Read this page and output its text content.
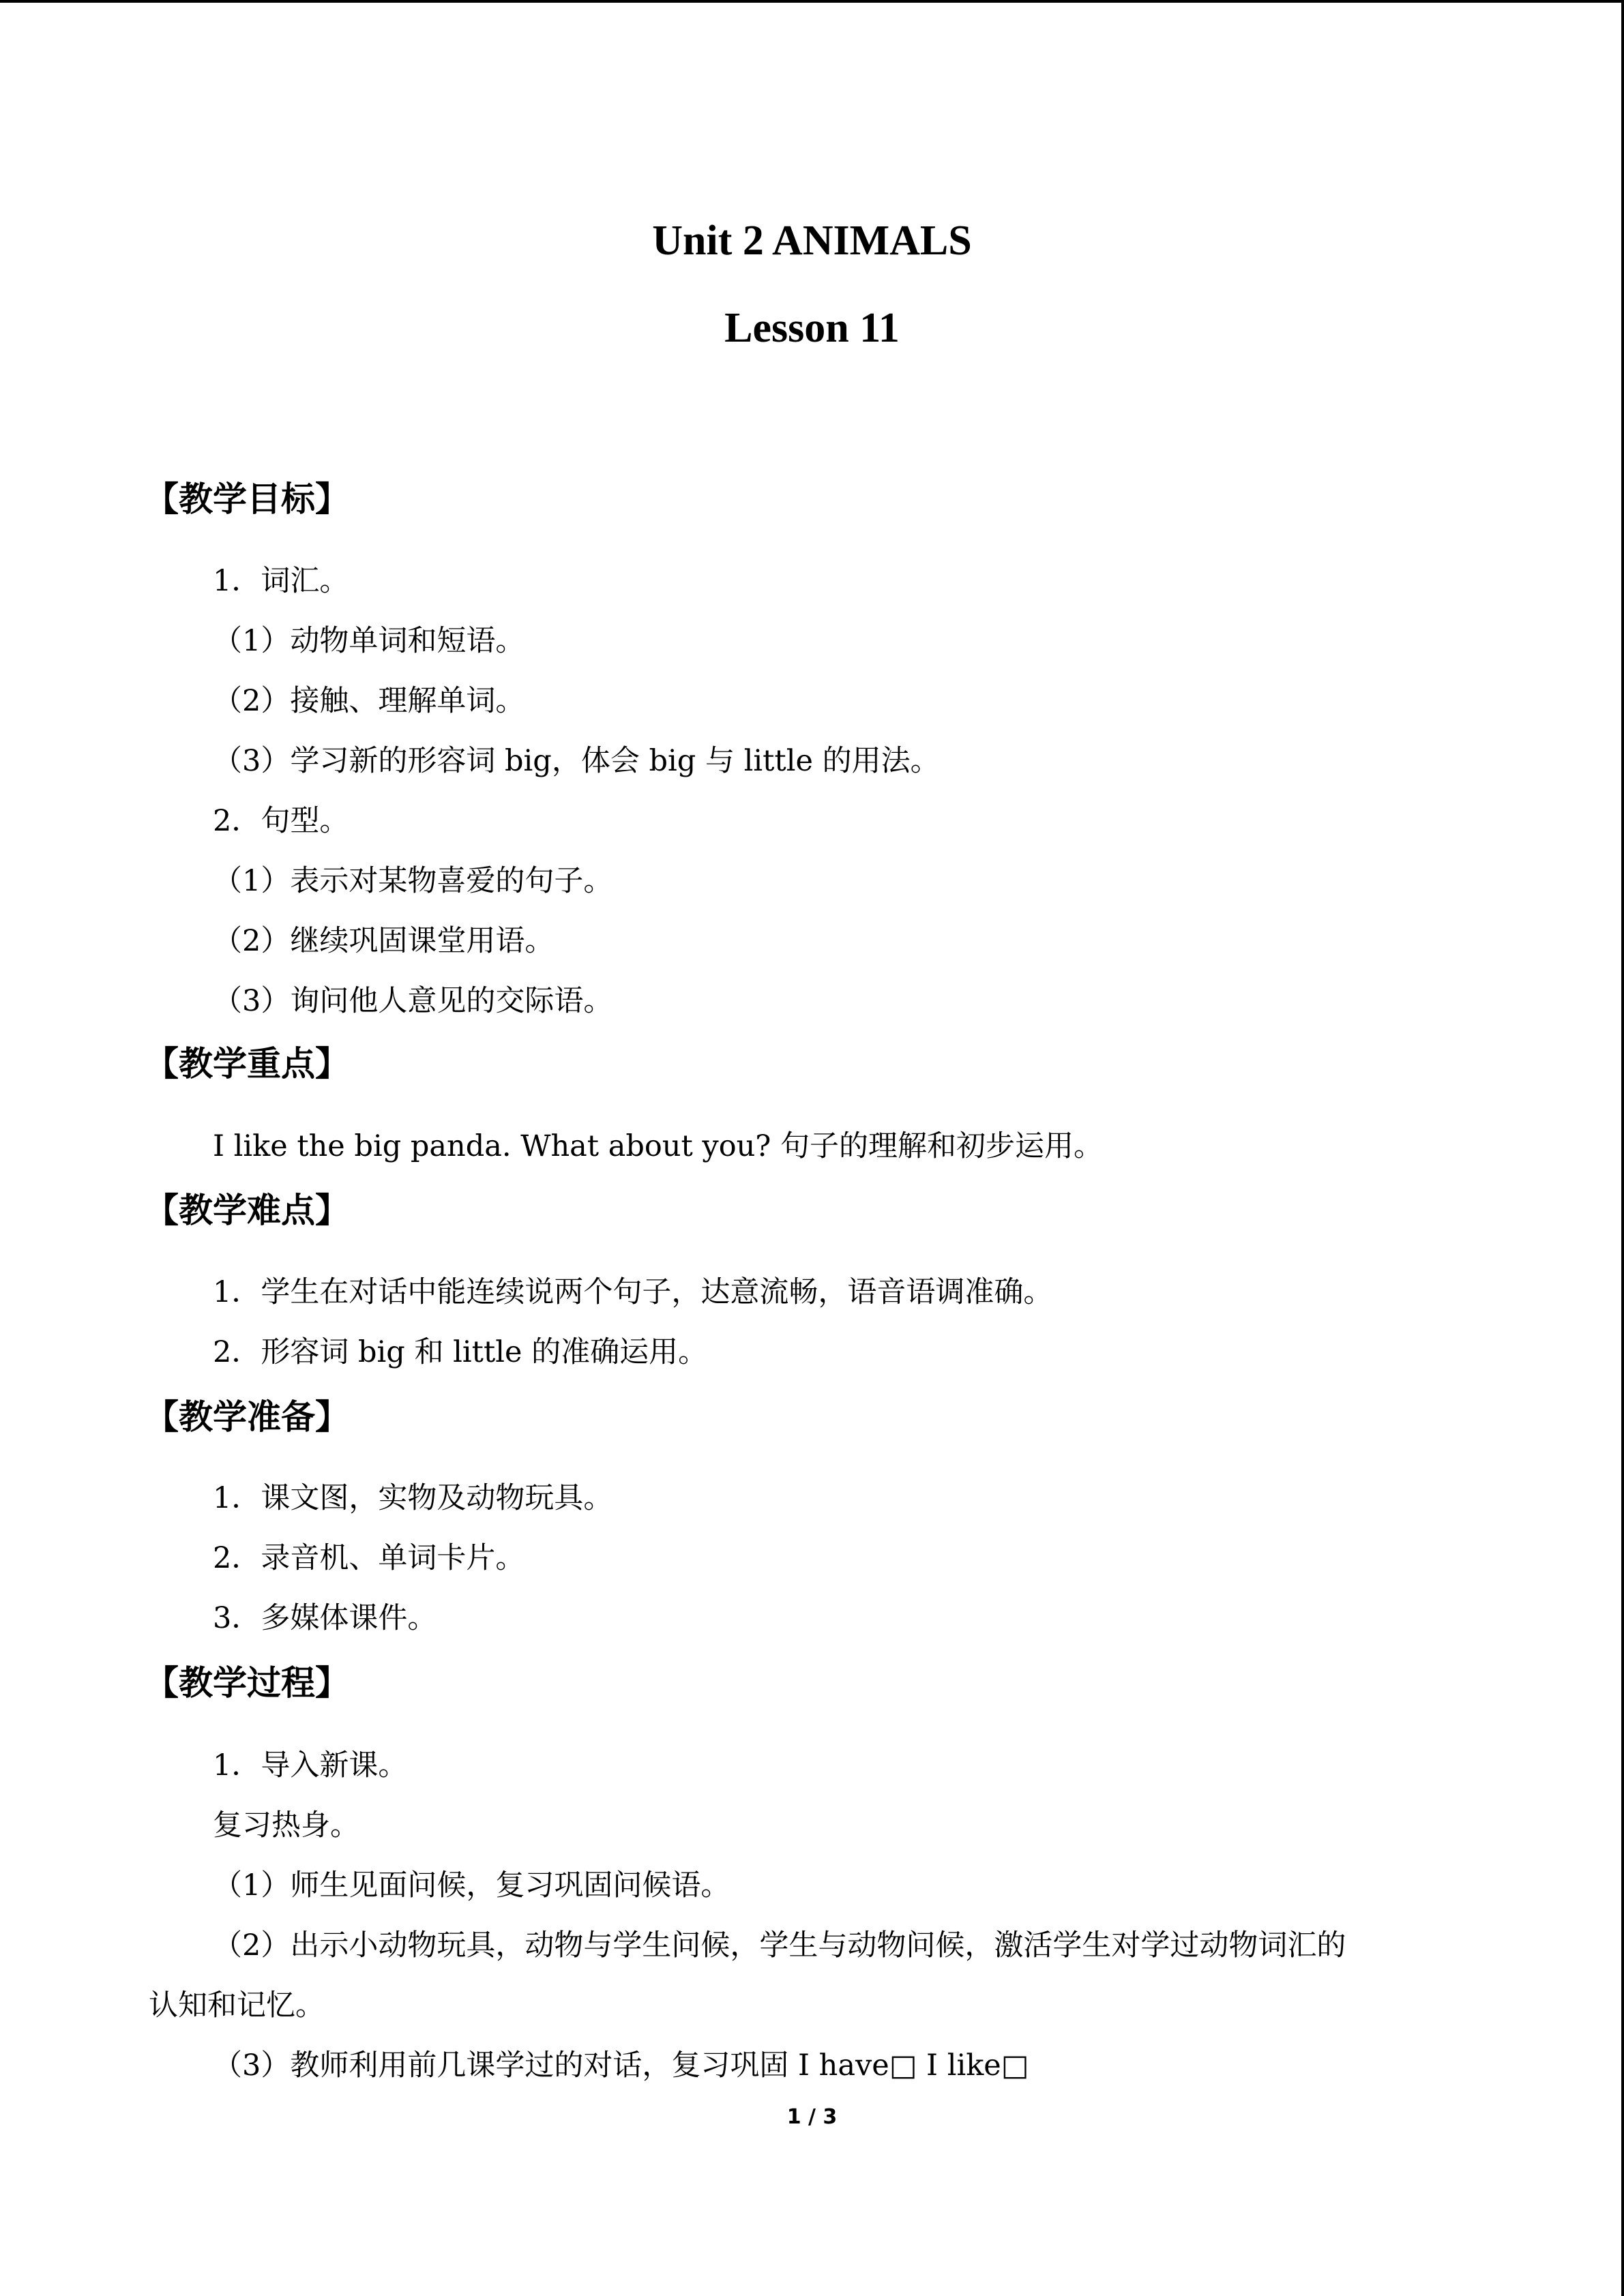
Unit 2 ANIMALS
Lesson 11
【教学目标】
1．词汇。
（1）动物单词和短语。
（2）接触、理解单词。
（3）学习新的形容词 big，体会 big 与 little 的用法。
2．句型。
（1）表示对某物喜爱的句子。
（2）继续巩固课堂用语。
（3）询问他人意见的交际语。
【教学重点】
I like the big panda. What about you? 句子的理解和初步运用。
【教学难点】
1．学生在对话中能连续说两个句子，达意流畅，语音语调准确。
2．形容词 big 和 little 的准确运用。
【教学准备】
1．课文图，实物及动物玩具。
2．录音机、单词卡片。
3．多媒体课件。
【教学过程】
1．导入新课。
复习热身。
（1）师生见面问候，复习巩固问候语。
（2）出示小动物玩具，动物与学生问候，学生与动物问候，激活学生对学过动物词汇的
认知和记忆。
（3）教师利用前几课学过的对话，复习巩固 I have□ I like□
1 / 3
